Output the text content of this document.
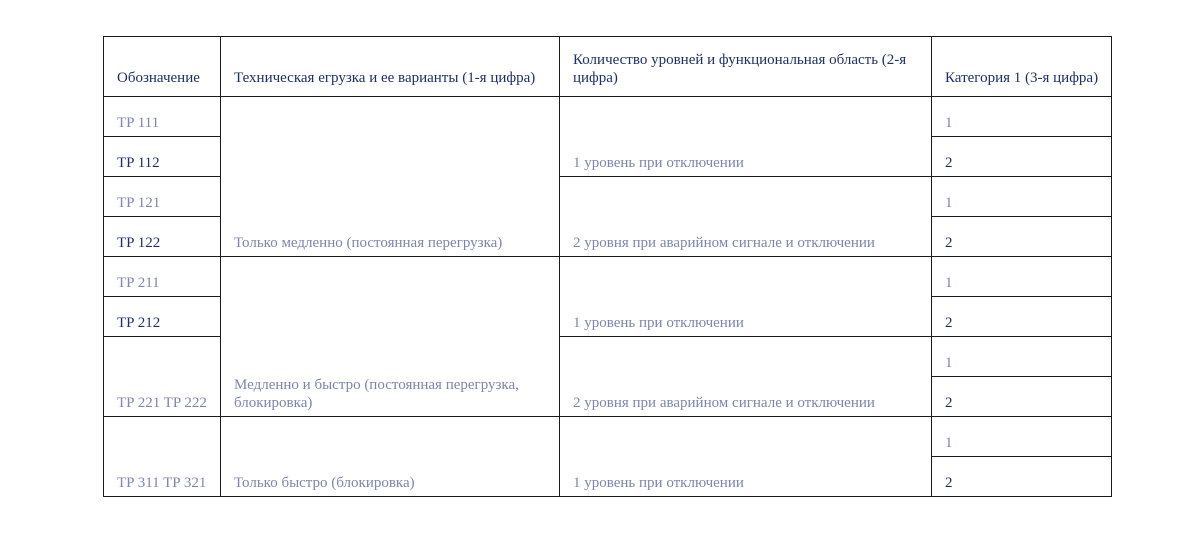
Обозначение	Техническая егрузка и ее варианты (1-я цифра)	Количество уровней и функциональная область (2-я цифра)	Категория 1 (3-я цифра)
TP 111	Только медленно (постоянная перегрузка)	1 уровень при отключении	1
TP 112			2
TP 121		2 уровня при аварийном сигнале и отключении	1
TP 122			2
TP 211	Медленно и быстро (постоянная перегрузка, блокировка)	1 уровень при отключении	1
TP 212			2
TP 221 TP 222		2 уровня при аварийном сигнале и отключении	1
			2
TP 311 TP 321	Только быстро (блокировка)	1 уровень при отключении	1
			2
